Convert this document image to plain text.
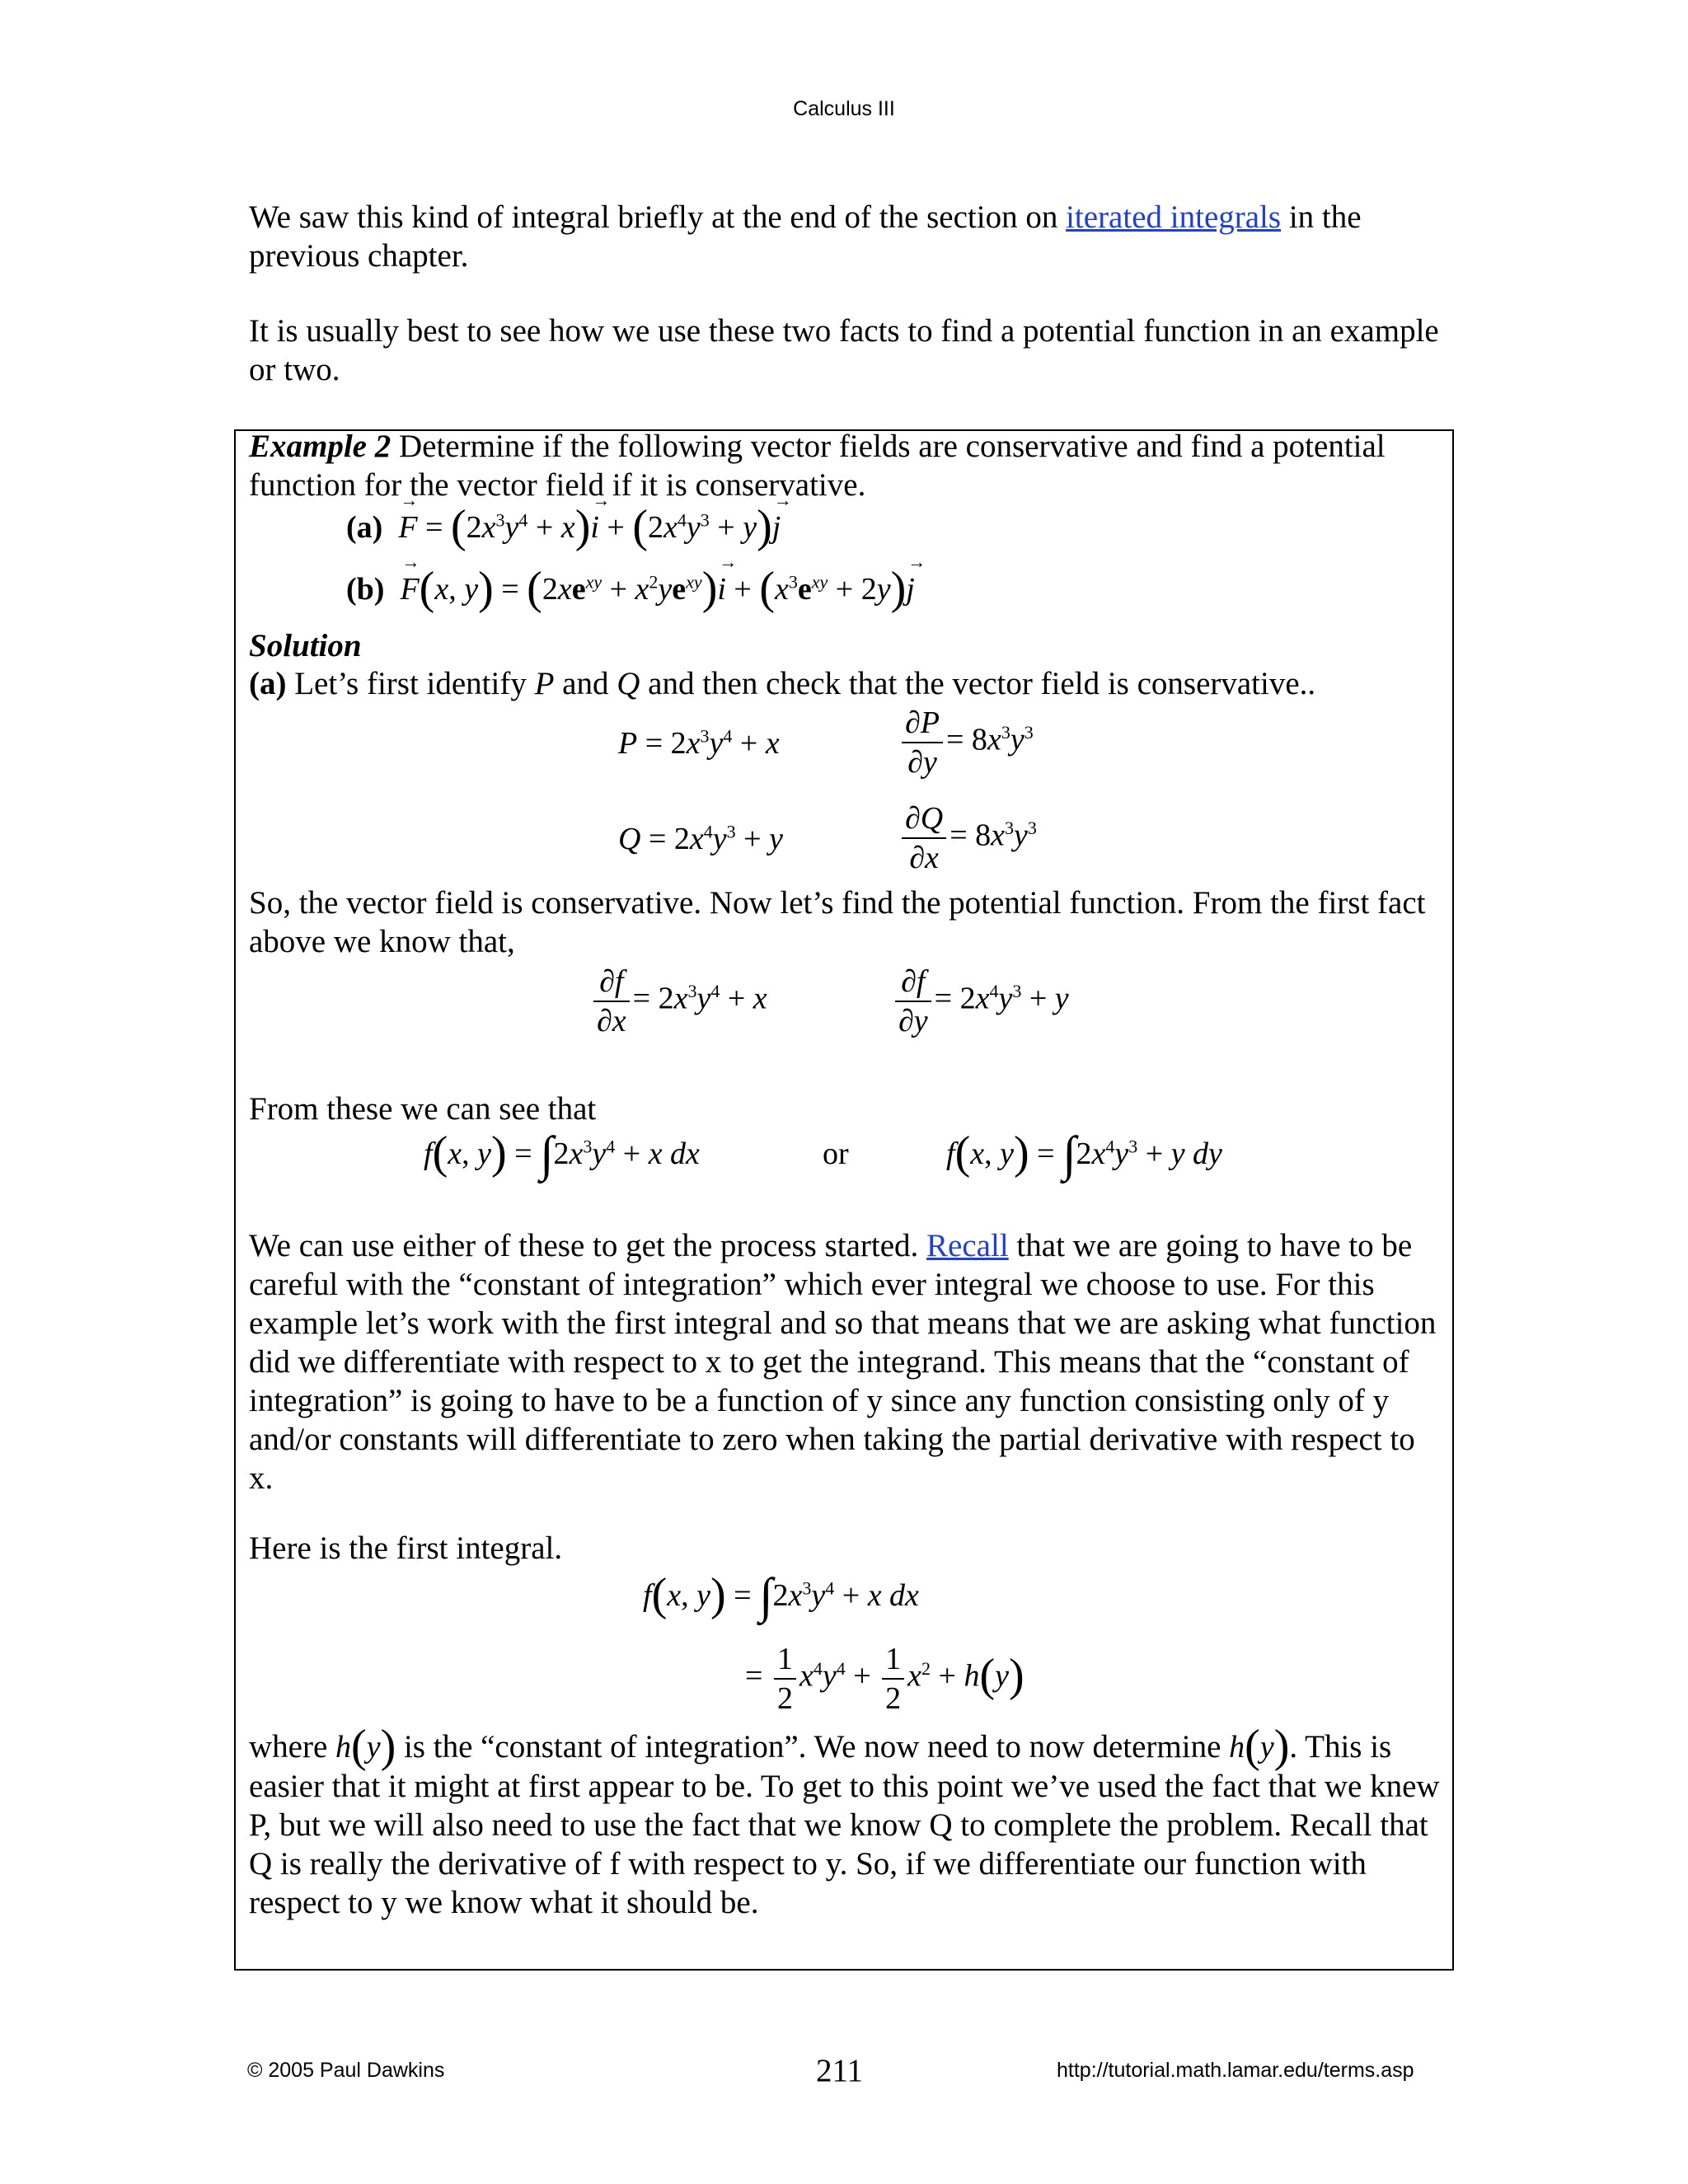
Calculus III

We saw this kind of integral briefly at the end of the section on iterated integrals in the previous chapter.

It is usually best to see how we use these two facts to find a potential function in an example or two.

Example 2 Determine if the following vector fields are conservative and find a potential function for the vector field if it is conservative.

$(a) \to F = (2x^3y^4 + x)\to i + (2x^4y^3 + y)\to j$
(b) → F(x, $y) = (2xe^{xy} + x^2ye^{xy})\to i + (x^3e^{xy} + 2y)\to j$

Solution

(a) Let’s first identify P and Q and then check that the vector field is conservative..

$P = 2x^3y^4 + x$	$\frac{\partial P}{\partial y} = 8x^3y^3$
$Q = 2x^4y^3 + y$	$\frac{\partial Q}{\partial x} = 8x^3y^3$

So, the vector field is conservative. Now let’s find the potential function. From the first fact above we know that,

$\frac{\partial f}{\partial x} = 2x^3y^4 + x$	$\frac{\partial f}{\partial y} = 2x^4y^3 + y$

From these we can see that

f(x, $y) = \int 2x^3y^4 + x$ dx	or	f(x, $y) = \int 2x^4y^3 + y$ dy

We can use either of these to get the process started. Recall that we are going to have to be careful with the “constant of integration” which ever integral we choose to use. For this example let’s work with the first integral and so that means that we are asking what function did we differentiate with respect to x to get the integrand. This means that the “constant of integration” is going to have to be a function of y since any function consisting only of y and/or constants will differentiate to zero when taking the partial derivative with respect to x.

Here is the first integral.

f(x, $y) = \int 2x^3y^4 + x$ dx
= $\frac{1}{2} x^4y^4 + \frac{1}{2} x^2 + h(y)$

where h(y) is the “constant of integration”. We now need to now determine h(y). This is easier that it might at first appear to be. To get to this point we’ve used the fact that we knew P, but we will also need to use the fact that we know Q to complete the problem. Recall that Q is really the derivative of f with respect to y. So, if we differentiate our function with respect to y we know what it should be.

© 2005 Paul Dawkins	211	http://tutorial.math.lamar.edu/terms.asp
